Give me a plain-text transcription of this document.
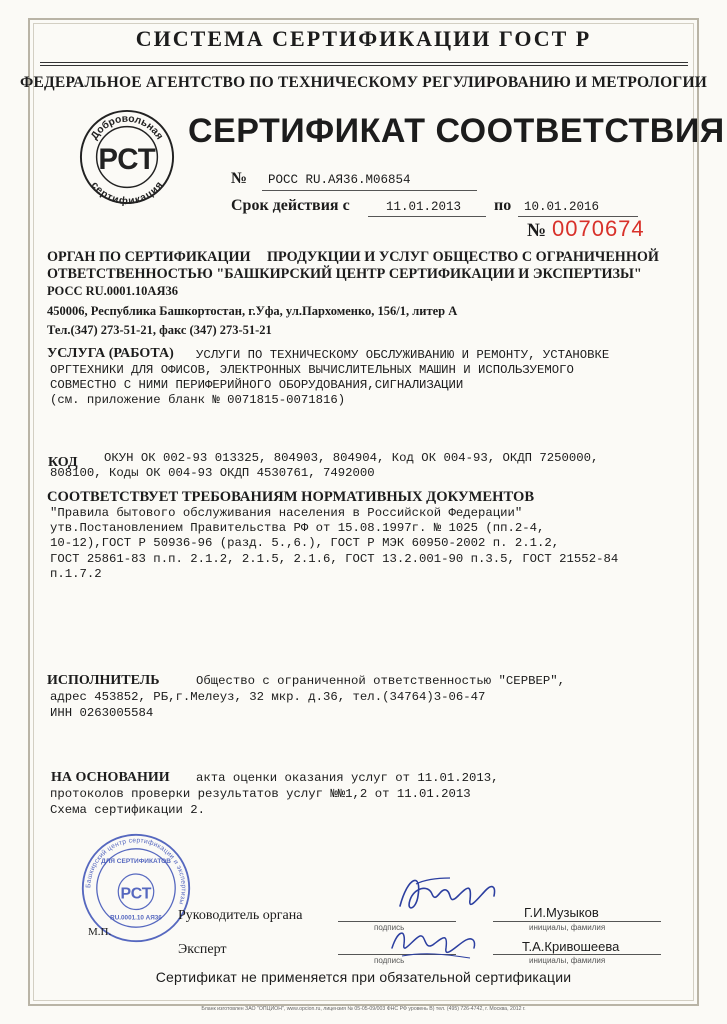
СИСТЕМА СЕРТИФИКАЦИИ ГОСТ Р
ФЕДЕРАЛЬНОЕ АГЕНТСТВО ПО ТЕХНИЧЕСКОМУ РЕГУЛИРОВАНИЮ И МЕТРОЛОГИИ
Добровольная
сертификация
РСТ
СЕРТИФИКАТ СООТВЕТСТВИЯ
№ РОСС RU.АЯ36.М06854
Срок действия с	11.01.2013 по 10.01.2016
№ 0070674
ОРГАН ПО СЕРТИФИКАЦИИ ПРОДУКЦИИ И УСЛУГ ОБЩЕСТВО С ОГРАНИЧЕННОЙ
ОТВЕТСТВЕННОСТЬЮ "БАШКИРСКИЙ ЦЕНТР СЕРТИФИКАЦИИ И ЭКСПЕРТИЗЫ"
РОСС RU.0001.10АЯ36
450006, Республика Башкортостан, г.Уфа, ул.Пархоменко, 156/1, литер А
Тел.(347) 273-51-21, факс (347) 273-51-21
УСЛУГА (РАБОТА) УСЛУГИ ПО ТЕХНИЧЕСКОМУ ОБСЛУЖИВАНИЮ И РЕМОНТУ, УСТАНОВКЕ
ОРГТЕХНИКИ ДЛЯ ОФИСОВ, ЭЛЕКТРОННЫХ ВЫЧИСЛИТЕЛЬНЫХ МАШИН И ИСПОЛЬЗУЕМОГО
СОВМЕСТНО С НИМИ ПЕРИФЕРИЙНОГО ОБОРУДОВАНИЯ,СИГНАЛИЗАЦИИ
(см. приложение бланк № 0071815-0071816)
КОД ОКУН ОК 002-93 013325, 804903, 804904, Код ОК 004-93, ОКДП 7250000,
808100, Коды ОК 004-93 ОКДП 4530761, 7492000
СООТВЕТСТВУЕТ ТРЕБОВАНИЯМ НОРМАТИВНЫХ ДОКУМЕНТОВ
"Правила бытового обслуживания населения в Российской Федерации"
утв.Постановлением Правительства РФ от 15.08.1997г. № 1025 (пп.2-4,
10-12),ГОСТ Р 50936-96 (разд. 5.,6.), ГОСТ Р МЭК 60950-2002 п. 2.1.2,
ГОСТ 25861-83 п.п. 2.1.2, 2.1.5, 2.1.6, ГОСТ 13.2.001-90 п.3.5, ГОСТ 21552-84
п.1.7.2
ИСПОЛНИТЕЛЬ	Общество с ограниченной ответственностью "СЕРВЕР",
адрес 453852, РБ,г.Мелеуз, 32 мкр. д.36, тел.(34764)3-06-47
ИНН 0263005584
НА ОСНОВАНИИ акта оценки оказания услуг от 11.01.2013,
протоколов проверки результатов услуг №№1,2 от 11.01.2013
Схема сертификации 2.
Башкирский центр сертификации и экспертизы
ДЛЯ СЕРТИФИКАТОВ
РСТ
RU.0001.10 АЯ36
М.П.
Руководитель органа
подпись
Г.И.Музыков
инициалы, фамилия
Эксперт
подпись
Т.А.Кривошеева
инициалы, фамилия
Сертификат не применяется при обязательной сертификации
Бланк изготовлен ЗАО "ОПЦИОН", www.opcion.ru, лицензия № 05-05-09/003 ФНС РФ уровень В) тел. (495) 726-4742, г. Москва, 2012 г.
